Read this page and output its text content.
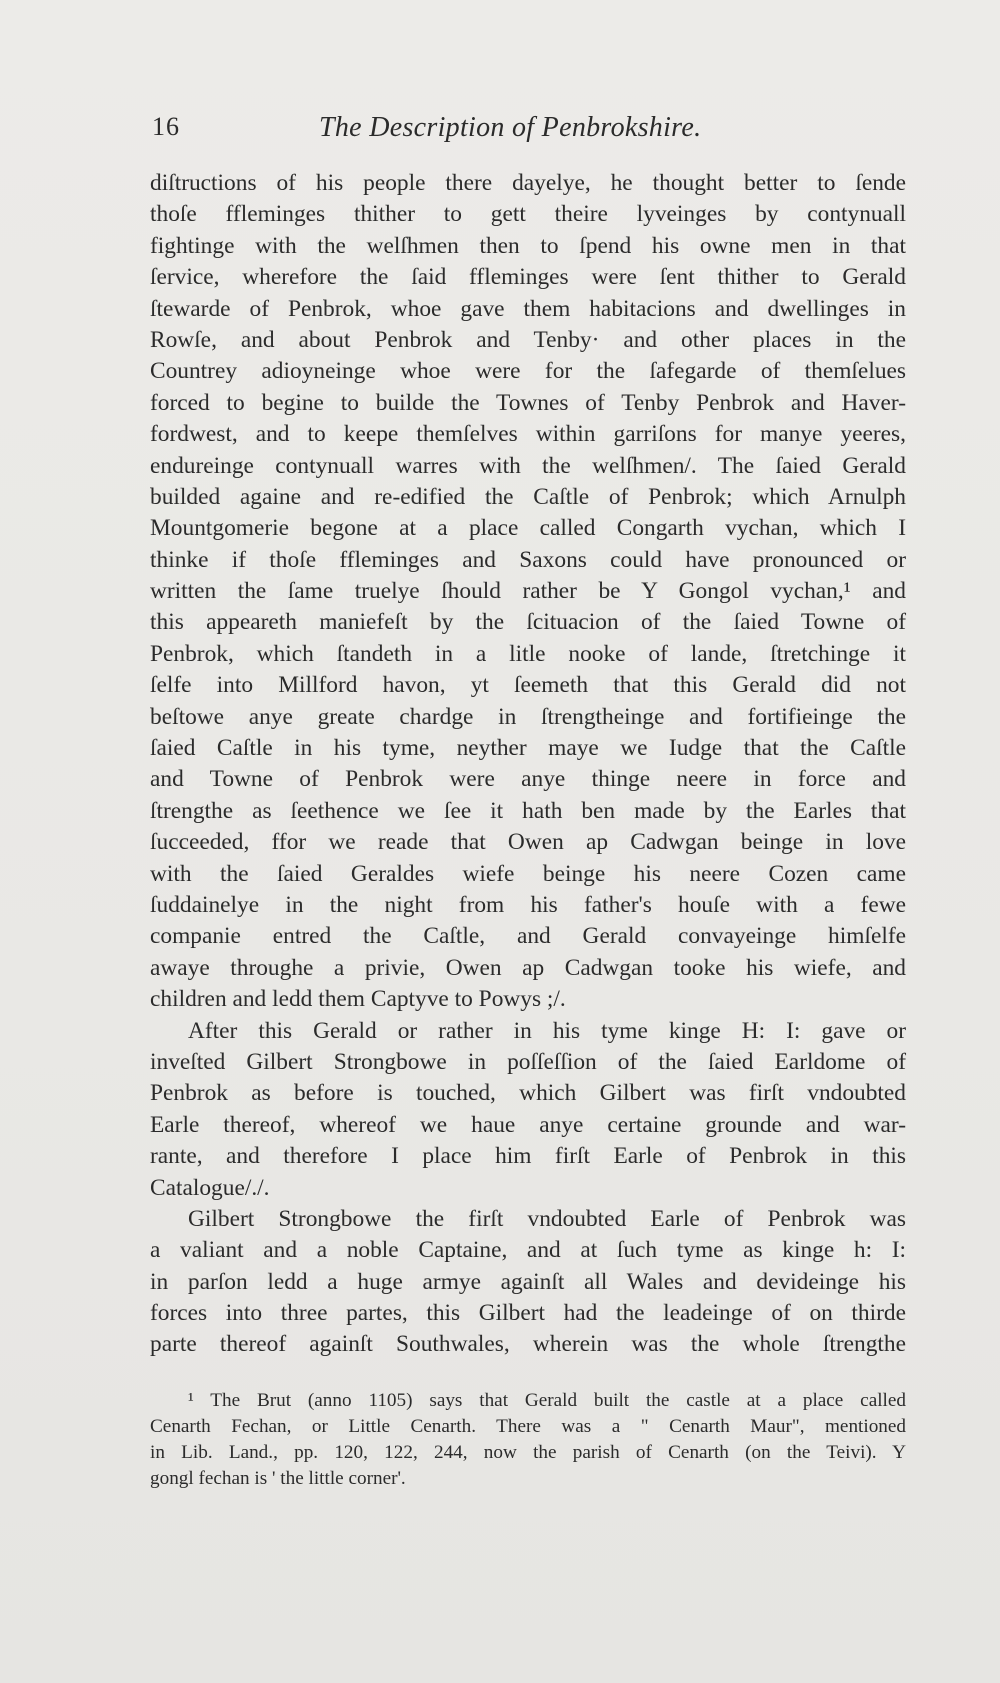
16	The Description of Penbrokshire.
diſtructions of his people there dayelye, he thought better to ſende
thoſe ffleminges thither to gett theire lyveinges by contynuall
fightinge with the welſhmen then to ſpend his owne men in that
ſervice, wherefore the ſaid ffleminges were ſent thither to Gerald
ſtewarde of Penbrok, whoe gave them habitacions and dwellinges in
Rowſe, and about Penbrok and Tenby· and other places in the
Countrey adioyneinge whoe were for the ſafegarde of themſelues
forced to begine to builde the Townes of Tenby Penbrok and Haver-
fordwest, and to keepe themſelves within garriſons for manye yeeres,
endureinge contynuall warres with the welſhmen/. The ſaied Gerald
builded againe and re-edified the Caſtle of Penbrok; which Arnulph
Mountgomerie begone at a place called Congarth vychan, which I
thinke if thoſe ffleminges and Saxons could have pronounced or
written the ſame truelye ſhould rather be Y Gongol vychan,¹ and
this appeareth maniefeſt by the ſcituacion of the ſaied Towne of
Penbrok, which ſtandeth in a litle nooke of lande, ſtretchinge it
ſelfe into Millford havon, yt ſeemeth that this Gerald did not
beſtowe anye greate chardge in ſtrengtheinge and fortifieinge the
ſaied Caſtle in his tyme, neyther maye we Iudge that the Caſtle
and Towne of Penbrok were anye thinge neere in force and
ſtrengthe as ſeethence we ſee it hath ben made by the Earles that
ſucceeded, ffor we reade that Owen ap Cadwgan beinge in love
with the ſaied Geraldes wiefe beinge his neere Cozen came
ſuddainelye in the night from his father's houſe with a fewe
companie entred the Caſtle, and Gerald convayeinge himſelfe
awaye throughe a privie, Owen ap Cadwgan tooke his wiefe, and
children and ledd them Captyve to Powys ;/.
After this Gerald or rather in his tyme kinge H: I: gave or
inveſted Gilbert Strongbowe in poſſeſſion of the ſaied Earldome of
Penbrok as before is touched, which Gilbert was firſt vndoubted
Earle thereof, whereof we haue anye certaine grounde and war-
rante, and therefore I place him firſt Earle of Penbrok in this
Catalogue/./.
Gilbert Strongbowe the firſt vndoubted Earle of Penbrok was
a valiant and a noble Captaine, and at ſuch tyme as kinge h: I:
in parſon ledd a huge armye againſt all Wales and devideinge his
forces into three partes, this Gilbert had the leadeinge of on thirde
parte thereof againſt Southwales, wherein was the whole ſtrengthe
¹ The Brut (anno 1105) says that Gerald built the castle at a place called
Cenarth Fechan, or Little Cenarth. There was a " Cenarth Maur", mentioned
in Lib. Land., pp. 120, 122, 244, now the parish of Cenarth (on the Teivi). Y
gongl fechan is ' the little corner'.
